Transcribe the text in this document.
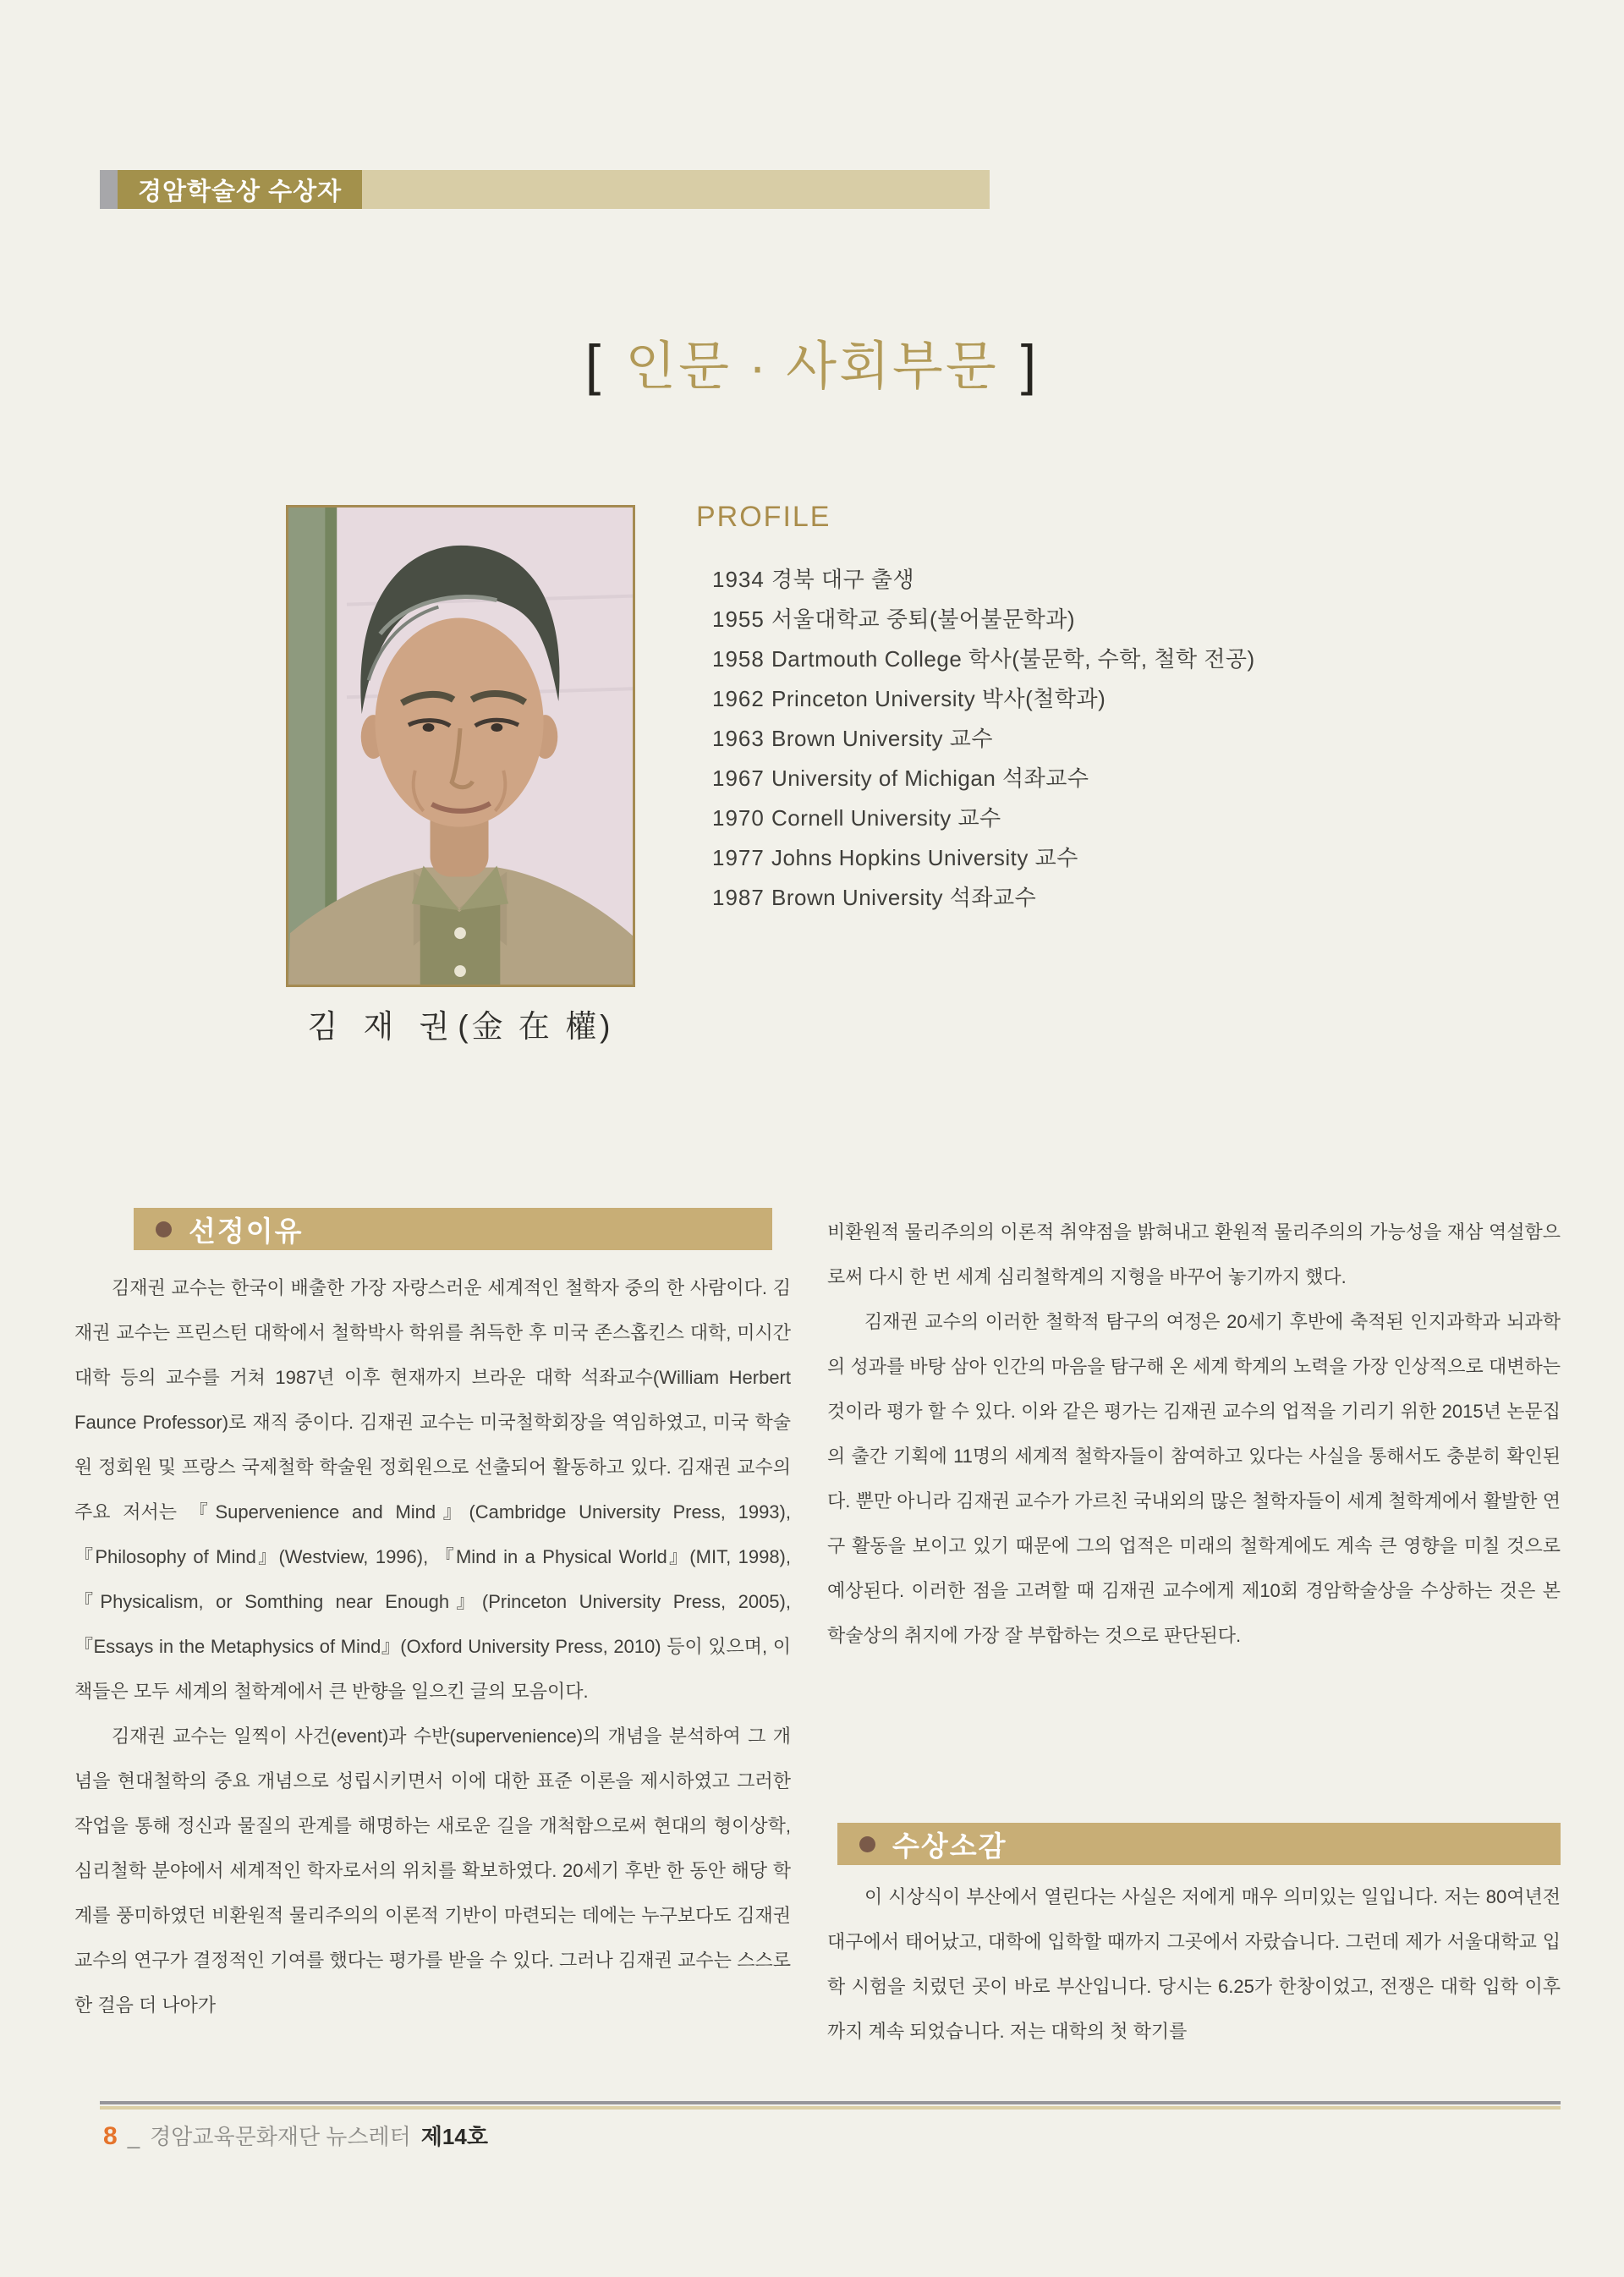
경암학술상 수상자
[ 인문 · 사회부문 ]
PROFILE
1934 경북 대구 출생
1955 서울대학교 중퇴(불어불문학과)
1958 Dartmouth College 학사(불문학, 수학, 철학 전공)
1962 Princeton University 박사(철학과)
1963 Brown University 교수
1967 University of Michigan 석좌교수
1970 Cornell University 교수
1977 Johns Hopkins University 교수
1987 Brown University 석좌교수
김 재 권(金 在 權)
선정이유

김재권 교수는 한국이 배출한 가장 자랑스러운 세계적인 철학자 중의 한 사람이다. 김재권 교수는 프린스턴 대학에서 철학박사 학위를 취득한 후 미국 존스홉킨스 대학, 미시간 대학 등의 교수를 거쳐 1987년 이후 현재까지 브라운 대학 석좌교수(William Herbert Faunce Professor)로 재직 중이다. 김재권 교수는 미국철학회장을 역임하였고, 미국 학술원 정회원 및 프랑스 국제철학 학술원 정회원으로 선출되어 활동하고 있다. 김재권 교수의 주요 저서는 『Supervenience and Mind』(Cambridge University Press, 1993), 『Philosophy of Mind』(Westview, 1996), 『Mind in a Physical World』(MIT, 1998), 『Physicalism, or Somthing near Enough』(Princeton University Press, 2005), 『Essays in the Metaphysics of Mind』(Oxford University Press, 2010) 등이 있으며, 이 책들은 모두 세계의 철학계에서 큰 반향을 일으킨 글의 모음이다.

김재권 교수는 일찍이 사건(event)과 수반(supervenience)의 개념을 분석하여 그 개념을 현대철학의 중요 개념으로 성립시키면서 이에 대한 표준 이론을 제시하였고 그러한 작업을 통해 정신과 물질의 관계를 해명하는 새로운 길을 개척함으로써 현대의 형이상학, 심리철학 분야에서 세계적인 학자로서의 위치를 확보하였다. 20세기 후반 한 동안 해당 학계를 풍미하였던 비환원적 물리주의의 이론적 기반이 마련되는 데에는 누구보다도 김재권 교수의 연구가 결정적인 기여를 했다는 평가를 받을 수 있다. 그러나 김재권 교수는 스스로 한 걸음 더 나아가

비환원적 물리주의의 이론적 취약점을 밝혀내고 환원적 물리주의의 가능성을 재삼 역설함으로써 다시 한 번 세계 심리철학계의 지형을 바꾸어 놓기까지 했다.

김재권 교수의 이러한 철학적 탐구의 여정은 20세기 후반에 축적된 인지과학과 뇌과학의 성과를 바탕 삼아 인간의 마음을 탐구해 온 세계 학계의 노력을 가장 인상적으로 대변하는 것이라 평가 할 수 있다. 이와 같은 평가는 김재권 교수의 업적을 기리기 위한 2015년 논문집의 출간 기획에 11명의 세계적 철학자들이 참여하고 있다는 사실을 통해서도 충분히 확인된다. 뿐만 아니라 김재권 교수가 가르친 국내외의 많은 철학자들이 세계 철학계에서 활발한 연구 활동을 보이고 있기 때문에 그의 업적은 미래의 철학계에도 계속 큰 영향을 미칠 것으로 예상된다. 이러한 점을 고려할 때 김재권 교수에게 제10회 경암학술상을 수상하는 것은 본 학술상의 취지에 가장 잘 부합하는 것으로 판단된다.

수상소감

이 시상식이 부산에서 열린다는 사실은 저에게 매우 의미있는 일입니다. 저는 80여년전 대구에서 태어났고, 대학에 입학할 때까지 그곳에서 자랐습니다. 그런데 제가 서울대학교 입학 시험을 치렀던 곳이 바로 부산입니다. 당시는 6.25가 한창이었고, 전쟁은 대학 입학 이후까지 계속 되었습니다. 저는 대학의 첫 학기를

8 _ 경암교육문화재단 뉴스레터 제14호
